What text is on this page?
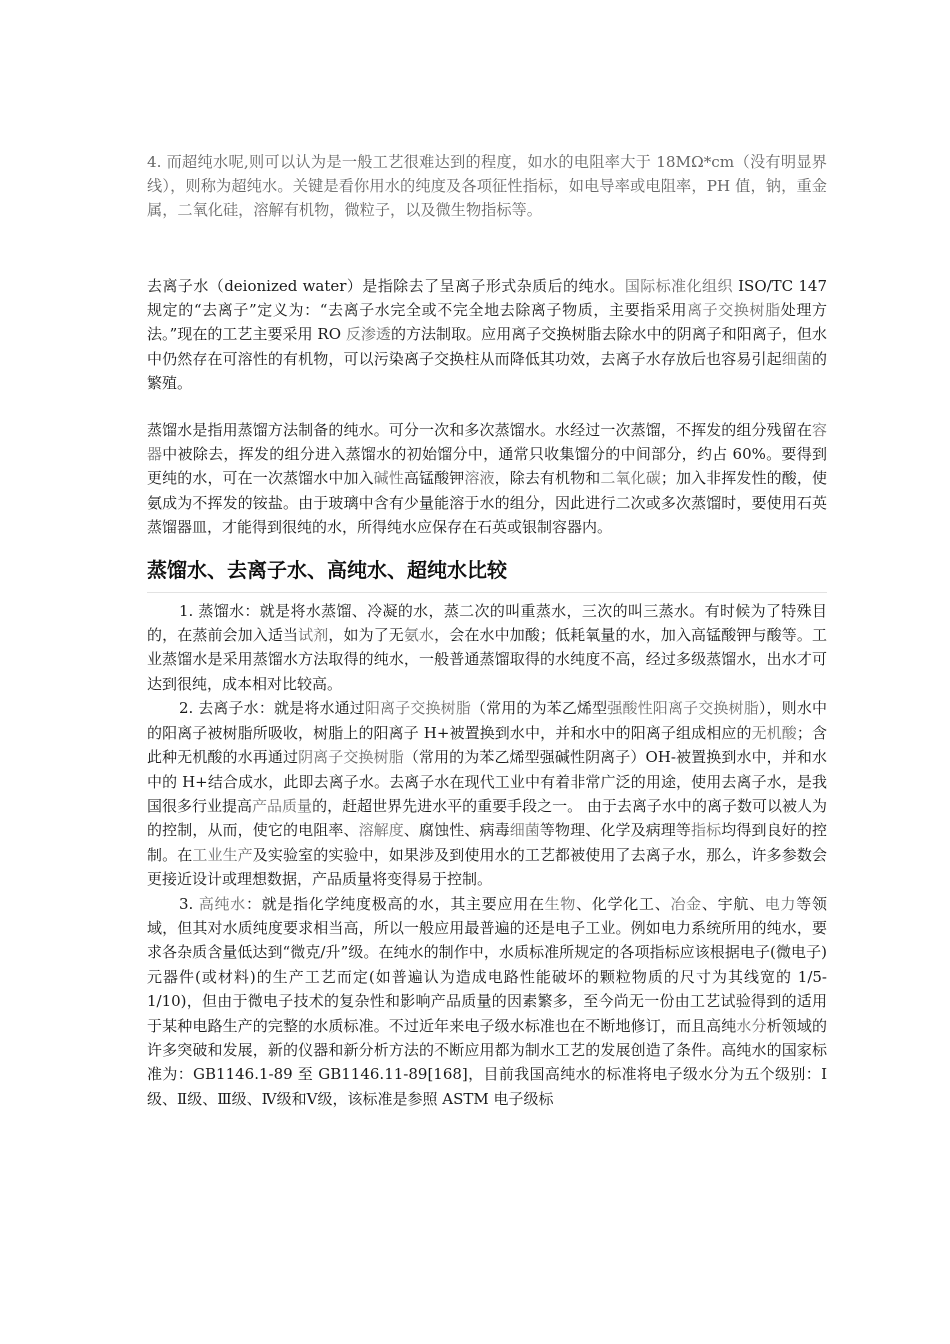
4. 而超纯水呢,则可以认为是一般工艺很难达到的程度，如水的电阻率大于 18MΩ*cm（没有明显界线），则称为超纯水。关键是看你用水的纯度及各项征性指标，如电导率或电阻率，PH 值，钠，重金属，二氧化硅，溶解有机物，微粒子，以及微生物指标等。

去离子水（deionized water）是指除去了呈离子形式杂质后的纯水。国际标准化组织 ISO/TC 147 规定的“去离子”定义为：“去离子水完全或不完全地去除离子物质，主要指采用离子交换树脂处理方法。”现在的工艺主要采用 RO 反渗透的方法制取。应用离子交换树脂去除水中的阴离子和阳离子，但水中仍然存在可溶性的有机物，可以污染离子交换柱从而降低其功效，去离子水存放后也容易引起细菌的繁殖。

蒸馏水是指用蒸馏方法制备的纯水。可分一次和多次蒸馏水。水经过一次蒸馏，不挥发的组分残留在容器中被除去，挥发的组分进入蒸馏水的初始馏分中，通常只收集馏分的中间部分，约占 60%。要得到更纯的水，可在一次蒸馏水中加入碱性高锰酸钾溶液，除去有机物和二氧化碳；加入非挥发性的酸，使氨成为不挥发的铵盐。由于玻璃中含有少量能溶于水的组分，因此进行二次或多次蒸馏时，要使用石英蒸馏器皿，才能得到很纯的水，所得纯水应保存在石英或银制容器内。

蒸馏水、去离子水、高纯水、超纯水比较

1. 蒸馏水：就是将水蒸馏、冷凝的水，蒸二次的叫重蒸水，三次的叫三蒸水。有时候为了特殊目的，在蒸前会加入适当试剂，如为了无氨水，会在水中加酸；低耗氧量的水，加入高锰酸钾与酸等。工业蒸馏水是采用蒸馏水方法取得的纯水，一般普通蒸馏取得的水纯度不高，经过多级蒸馏水，出水才可达到很纯，成本相对比较高。

2. 去离子水：就是将水通过阳离子交换树脂（常用的为苯乙烯型强酸性阳离子交换树脂），则水中的阳离子被树脂所吸收，树脂上的阳离子 H+被置换到水中，并和水中的阳离子组成相应的无机酸；含此种无机酸的水再通过阴离子交换树脂（常用的为苯乙烯型强碱性阴离子）OH-被置换到水中，并和水中的 H+结合成水，此即去离子水。去离子水在现代工业中有着非常广泛的用途，使用去离子水，是我国很多行业提高产品质量的，赶超世界先进水平的重要手段之一。 由于去离子水中的离子数可以被人为的控制，从而，使它的电阻率、溶解度、腐蚀性、病毒细菌等物理、化学及病理等指标均得到良好的控制。在工业生产及实验室的实验中，如果涉及到使用水的工艺都被使用了去离子水，那么，许多参数会更接近设计或理想数据，产品质量将变得易于控制。

3. 高纯水：就是指化学纯度极高的水，其主要应用在生物、化学化工、冶金、宇航、电力等领域，但其对水质纯度要求相当高，所以一般应用最普遍的还是电子工业。例如电力系统所用的纯水，要求各杂质含量低达到“微克/升”级。在纯水的制作中，水质标准所规定的各项指标应该根据电子(微电子)元器件(或材料)的生产工艺而定(如普遍认为造成电路性能破坏的颗粒物质的尺寸为其线宽的 1/5-1/10)，但由于微电子技术的复杂性和影响产品质量的因素繁多，至今尚无一份由工艺试验得到的适用于某种电路生产的完整的水质标准。不过近年来电子级水标准也在不断地修订，而且高纯水分析领域的许多突破和发展，新的仪器和新分析方法的不断应用都为制水工艺的发展创造了条件。高纯水的国家标准为：GB1146.1-89 至 GB1146.11-89[168]，目前我国高纯水的标准将电子级水分为五个级别：Ⅰ级、Ⅱ级、Ⅲ级、Ⅳ级和Ⅴ级，该标准是参照 ASTM 电子级标
